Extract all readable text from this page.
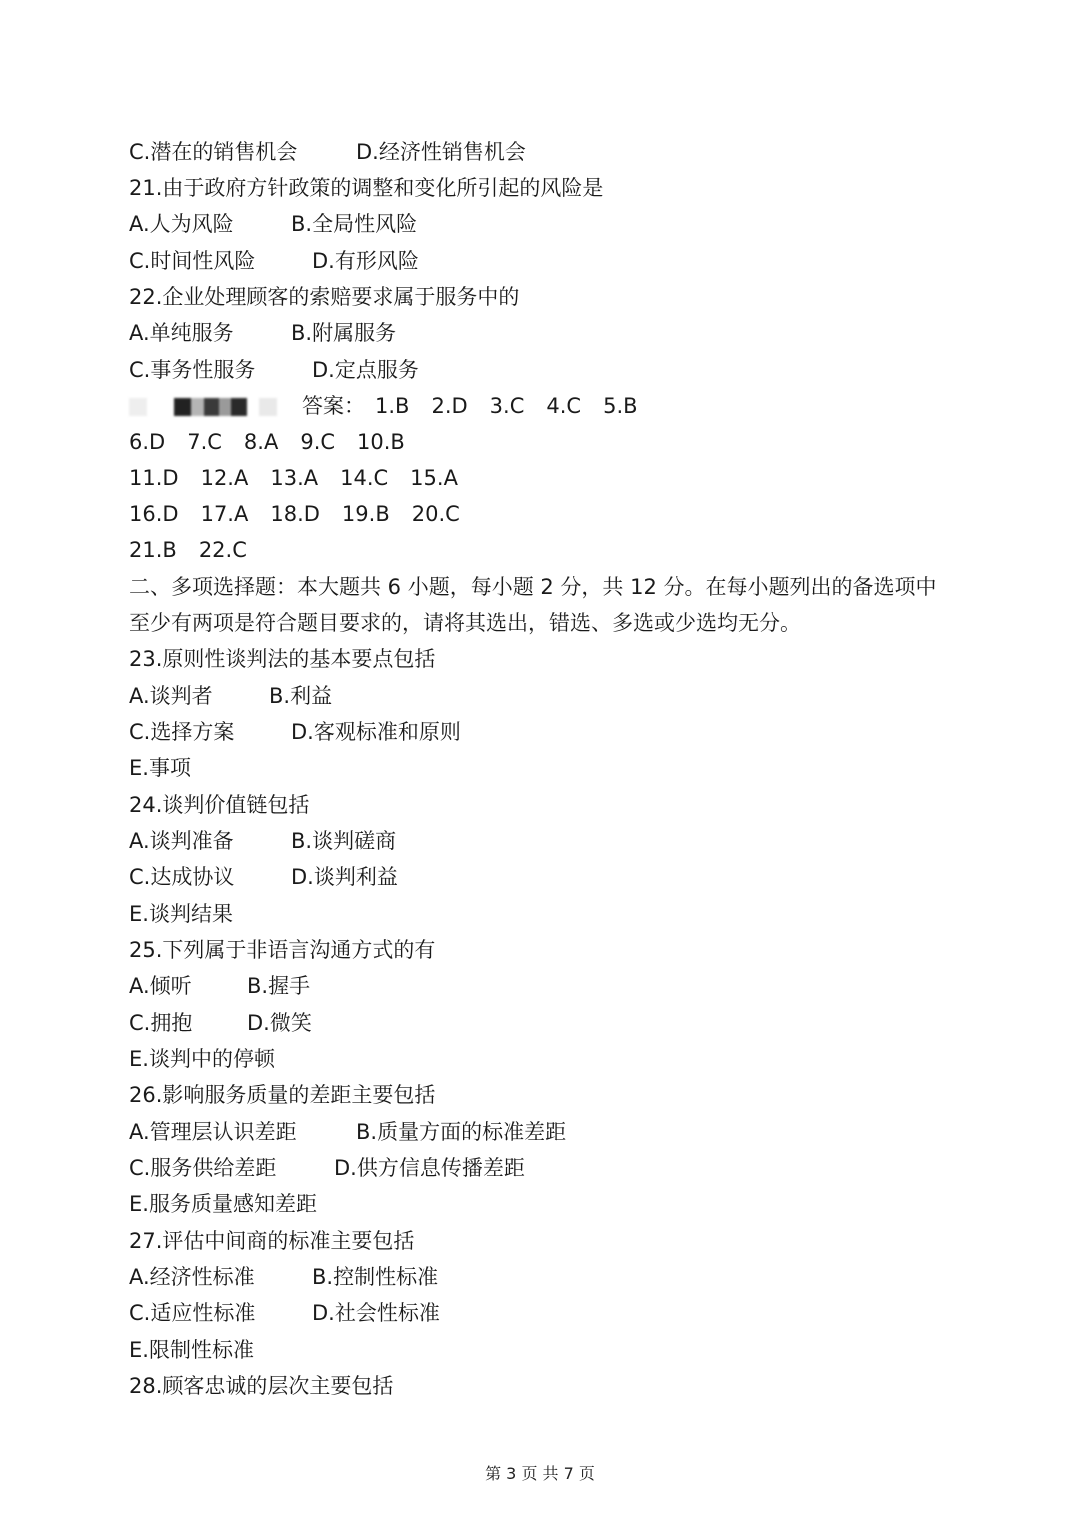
C.潜在的销售机会	D.经济性销售机会
21.由于政府方针政策的调整和变化所引起的风险是
A.人为风险	B.全局性风险
C.时间性风险	D.有形风险
22.企业处理顾客的索赔要求属于服务中的
A.单纯服务	B.附属服务
C.事务性服务	D.定点服务
答案： 1.B 2.D 3.C 4.C 5.B
6.D 7.C 8.A 9.C 10.B
11.D 12.A 13.A 14.C 15.A
16.D 17.A 18.D 19.B 20.C
21.B 22.C
二、多项选择题：本大题共 6 小题，每小题 2 分，共 12 分。在每小题列出的备选项中
至少有两项是符合题目要求的，请将其选出，错选、多选或少选均无分。
23.原则性谈判法的基本要点包括
A.谈判者	B.利益
C.选择方案	D.客观标准和原则
E.事项
24.谈判价值链包括
A.谈判准备	B.谈判磋商
C.达成协议	D.谈判利益
E.谈判结果
25.下列属于非语言沟通方式的有
A.倾听	B.握手
C.拥抱	D.微笑
E.谈判中的停顿
26.影响服务质量的差距主要包括
A.管理层认识差距	B.质量方面的标准差距
C.服务供给差距	D.供方信息传播差距
E.服务质量感知差距
27.评估中间商的标准主要包括
A.经济性标准	B.控制性标准
C.适应性标准	D.社会性标准
E.限制性标准
28.顾客忠诚的层次主要包括
第 3 页 共 7 页
